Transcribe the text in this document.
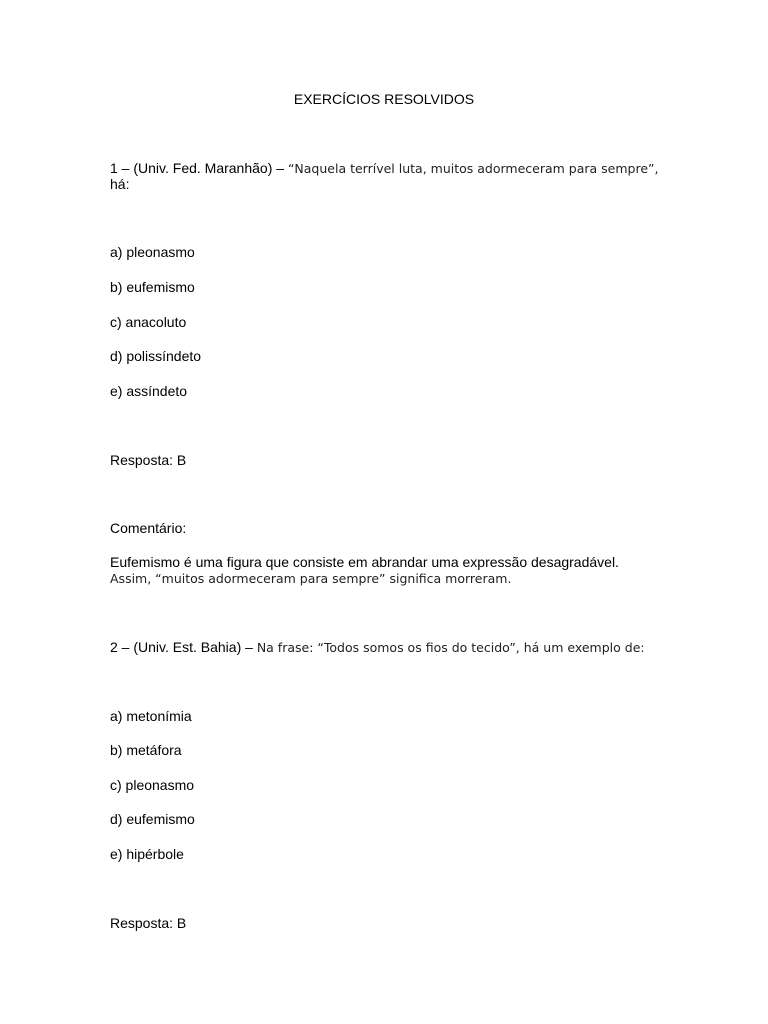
EXERCÍCIOS RESOLVIDOS
1 – (Univ. Fed. Maranhão) – “Naquela terrível luta, muitos adormeceram para sempre”,
há:
a) pleonasmo
b) eufemismo
c) anacoluto
d) polissíndeto
e) assíndeto
Resposta: B
Comentário:
Eufemismo é uma figura que consiste em abrandar uma expressão desagradável.
Assim, “muitos adormeceram para sempre” significa morreram.
2 – (Univ. Est. Bahia) – Na frase: “Todos somos os fios do tecido”, há um exemplo de:
a) metonímia
b) metáfora
c) pleonasmo
d) eufemismo
e) hipérbole
Resposta: B
